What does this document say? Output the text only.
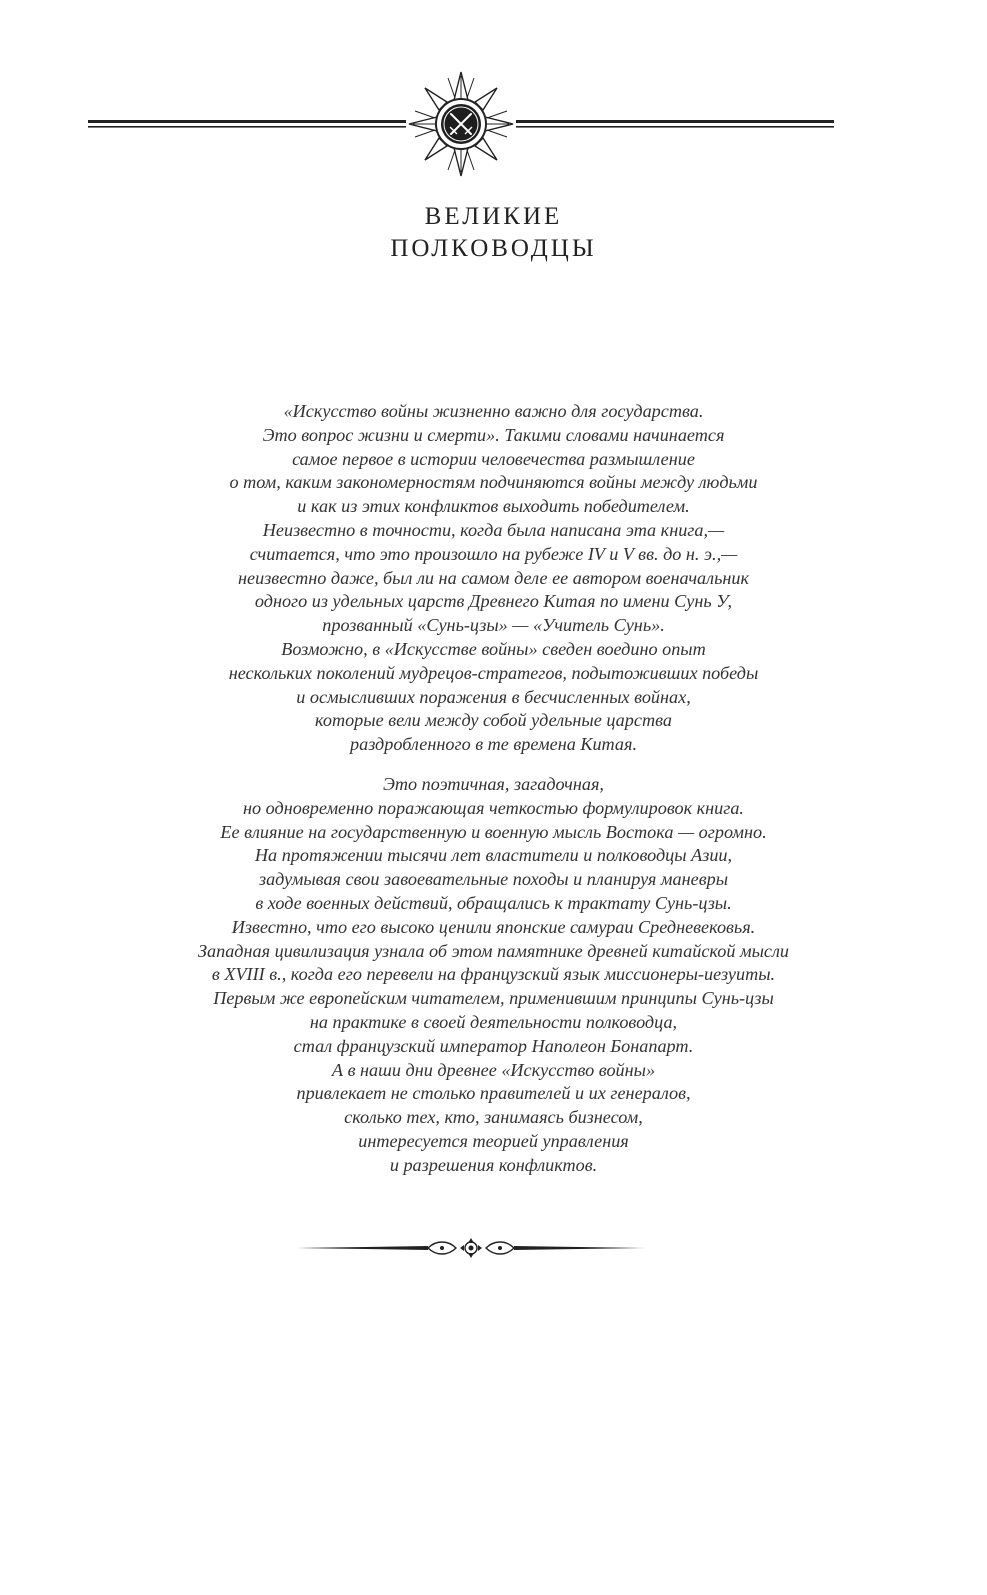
ВЕЛИКИЕ
ПОЛКОВОДЦЫ
«Искусство войны жизненно важно для государства.
Это вопрос жизни и смерти». Такими словами начинается
самое первое в истории человечества размышление
о том, каким закономерностям подчиняются войны между людьми
и как из этих конфликтов выходить победителем.
Неизвестно в точности, когда была написана эта книга,—
считается, что это произошло на рубеже IV и V вв. до н. э.,—
неизвестно даже, был ли на самом деле ее автором военачальник
одного из удельных царств Древнего Китая по имени Сунь У,
прозванный «Сунь-цзы» — «Учитель Сунь».
Возможно, в «Искусстве войны» сведен воедино опыт
нескольких поколений мудрецов-стратегов, подытоживших победы
и осмысливших поражения в бесчисленных войнах,
которые вели между собой удельные царства
раздробленного в те времена Китая.
Это поэтичная, загадочная,
но одновременно поражающая четкостью формулировок книга.
Ее влияние на государственную и военную мысль Востока — огромно.
На протяжении тысячи лет властители и полководцы Азии,
задумывая свои завоевательные походы и планируя маневры
в ходе военных действий, обращались к трактату Сунь-цзы.
Известно, что его высоко ценили японские самураи Средневековья.
Западная цивилизация узнала об этом памятнике древней китайской мысли
в XVIII в., когда его перевели на французский язык миссионеры-иезуиты.
Первым же европейским читателем, применившим принципы Сунь-цзы
на практике в своей деятельности полководца,
стал французский император Наполеон Бонапарт.
А в наши дни древнее «Искусство войны»
привлекает не столько правителей и их генералов,
сколько тех, кто, занимаясь бизнесом,
интересуется теорией управления
и разрешения конфликтов.
